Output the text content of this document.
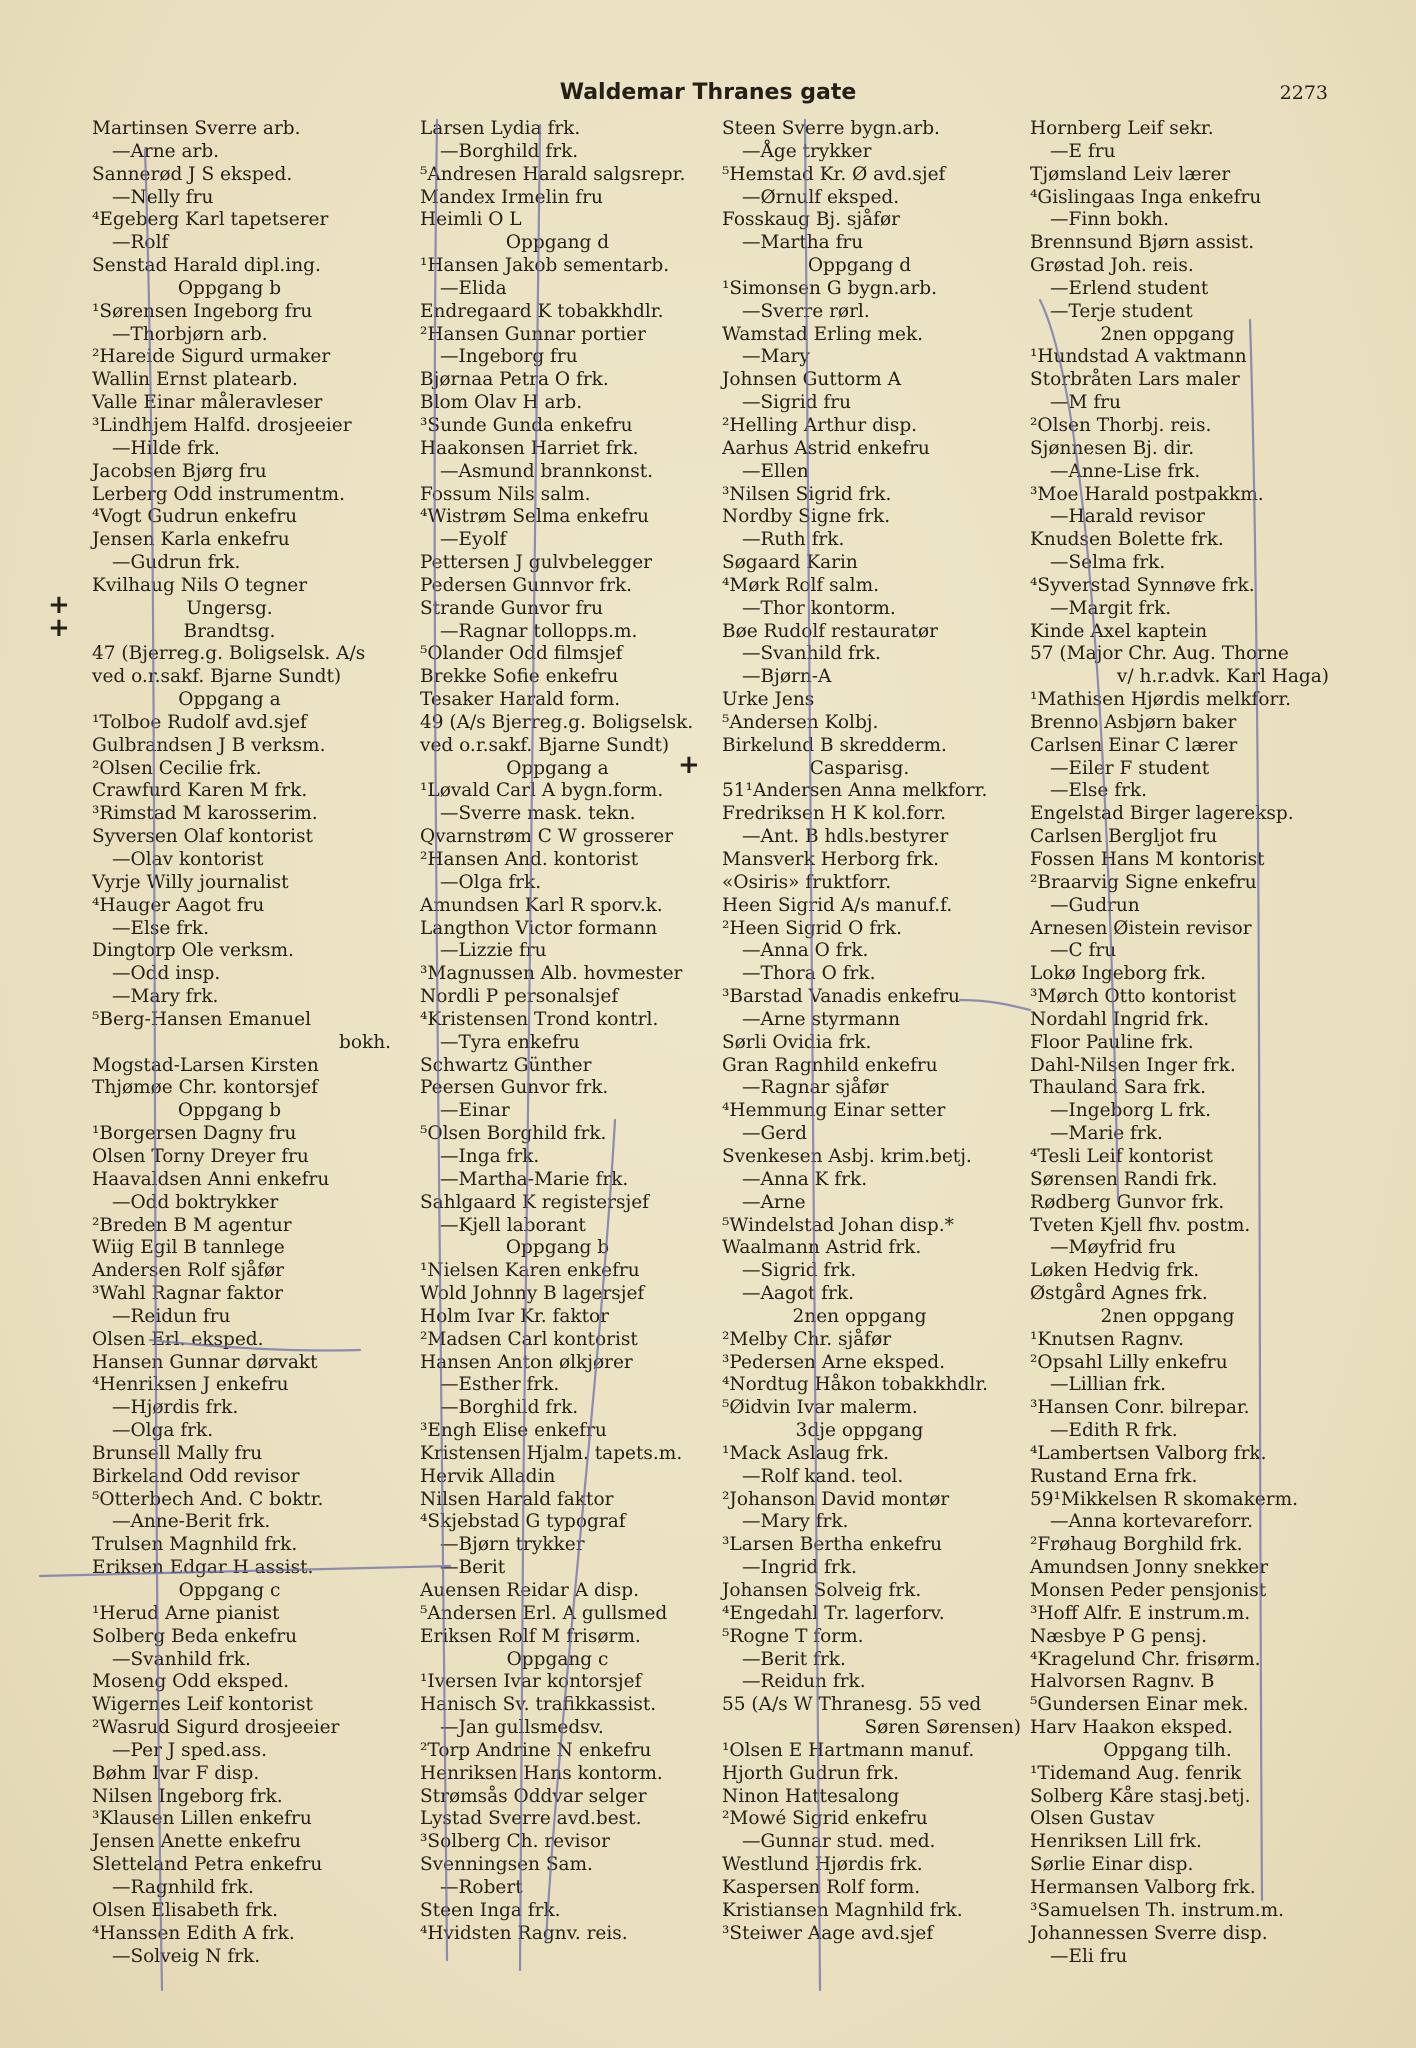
Waldemar Thranes gate	2273
Martinsen Sverre arb.
—Arne arb.
Sannerød J S eksped.
—Nelly fru
⁴Egeberg Karl tapetserer
—Rolf
Senstad Harald dipl.ing.
Oppgang b
¹Sørensen Ingeborg fru
—Thorbjørn arb.
²Hareide Sigurd urmaker
Wallin Ernst platearb.
Valle Einar måleravleser
³Lindhjem Halfd. drosjeeier
—Hilde frk.
Jacobsen Bjørg fru
Lerberg Odd instrumentm.
⁴Vogt Gudrun enkefru
Jensen Karla enkefru
—Gudrun frk.
Kvilhaug Nils O tegner
+ Ungersg.
+ Brandtsg.
47 (Bjerreg.g. Boligselsk. A/s
ved o.r.sakf. Bjarne Sundt)
Oppgang a
¹Tolboe Rudolf avd.sjef
Gulbrandsen J B verksm.
²Olsen Cecilie frk.
Crawfurd Karen M frk.
³Rimstad M karosserim.
Syversen Olaf kontorist
—Olav kontorist
Vyrje Willy journalist
⁴Hauger Aagot fru
—Else frk.
Dingtorp Ole verksm.
—Odd insp.
—Mary frk.
⁵Berg-Hansen Emanuel
bokh.
Mogstad-Larsen Kirsten
Thjømøe Chr. kontorsjef
Oppgang b
¹Borgersen Dagny fru
Olsen Torny Dreyer fru
Haavaldsen Anni enkefru
—Odd boktrykker
²Breden B M agentur
Wiig Egil B tannlege
Andersen Rolf sjåfør
³Wahl Ragnar faktor
—Reidun fru
Olsen Erl. eksped.
Hansen Gunnar dørvakt
⁴Henriksen J enkefru
—Hjørdis frk.
—Olga frk.
Brunsell Mally fru
Birkeland Odd revisor
⁵Otterbech And. C boktr.
—Anne-Berit frk.
Trulsen Magnhild frk.
Eriksen Edgar H assist.
Oppgang c
¹Herud Arne pianist
Solberg Beda enkefru
—Svanhild frk.
Moseng Odd eksped.
Wigernes Leif kontorist
²Wasrud Sigurd drosjeeier
—Per J sped.ass.
Bøhm Ivar F disp.
Nilsen Ingeborg frk.
³Klausen Lillen enkefru
Jensen Anette enkefru
Sletteland Petra enkefru
—Ragnhild frk.
Olsen Elisabeth frk.
⁴Hanssen Edith A frk.
—Solveig N frk.
Larsen Lydia frk.
—Borghild frk.
⁵Andresen Harald salgsrepr.
Mandex Irmelin fru
Heimli O L
Oppgang d
¹Hansen Jakob sementarb.
—Elida
Endregaard K tobakkhdlr.
²Hansen Gunnar portier
—Ingeborg fru
Bjørnaa Petra O frk.
Blom Olav H arb.
³Sunde Gunda enkefru
Haakonsen Harriet frk.
—Asmund brannkonst.
Fossum Nils salm.
⁴Wistrøm Selma enkefru
—Eyolf
Pettersen J gulvbelegger
Pedersen Gunnvor frk.
Strande Gunvor fru
—Ragnar tollopps.m.
⁵Olander Odd filmsjef
Brekke Sofie enkefru
Tesaker Harald form.
49 (A/s Bjerreg.g. Boligselsk.
ved o.r.sakf. Bjarne Sundt)
Oppgang a
¹Løvald Carl A bygn.form.
—Sverre mask. tekn.
Qvarnstrøm C W grosserer
²Hansen And. kontorist
—Olga frk.
Amundsen Karl R sporv.k.
Langthon Victor formann
—Lizzie fru
³Magnussen Alb. hovmester
Nordli P personalsjef
⁴Kristensen Trond kontrl.
—Tyra enkefru
Schwartz Günther
Peersen Gunvor frk.
—Einar
⁵Olsen Borghild frk.
—Inga frk.
—Martha-Marie frk.
Sahlgaard K registersjef
—Kjell laborant
Oppgang b
¹Nielsen Karen enkefru
Wold Johnny B lagersjef
Holm Ivar Kr. faktor
²Madsen Carl kontorist
Hansen Anton ølkjører
—Esther frk.
—Borghild frk.
³Engh Elise enkefru
Kristensen Hjalm. tapets.m.
Hervik Alladin
Nilsen Harald faktor
⁴Skjebstad G typograf
—Bjørn trykker
—Berit
Auensen Reidar A disp.
⁵Andersen Erl. A gullsmed
Eriksen Rolf M frisørm.
Oppgang c
¹Iversen Ivar kontorsjef
Hanisch Sv. trafikkassist.
—Jan gullsmedsv.
²Torp Andrine N enkefru
Henriksen Hans kontorm.
Strømsås Oddvar selger
Lystad Sverre avd.best.
³Solberg Ch. revisor
Svenningsen Sam.
—Robert
Steen Inga frk.
⁴Hvidsten Ragnv. reis.
Steen Sverre bygn.arb.
—Åge trykker
⁵Hemstad Kr. Ø avd.sjef
—Ørnulf eksped.
Fosskaug Bj. sjåfør
—Martha fru
Oppgang d
¹Simonsen G bygn.arb.
—Sverre rørl.
Wamstad Erling mek.
—Mary
Johnsen Guttorm A
—Sigrid fru
²Helling Arthur disp.
Aarhus Astrid enkefru
—Ellen
³Nilsen Sigrid frk.
Nordby Signe frk.
—Ruth frk.
Søgaard Karin
⁴Mørk Rolf salm.
—Thor kontorm.
Bøe Rudolf restauratør
—Svanhild frk.
—Bjørn-A
Urke Jens
⁵Andersen Kolbj.
Birkelund B skredderm.
+ Casparisg.
51¹Andersen Anna melkforr.
Fredriksen H K kol.forr.
—Ant. B hdls.bestyrer
Mansverk Herborg frk.
«Osiris» fruktforr.
Heen Sigrid A/s manuf.f.
²Heen Sigrid O frk.
—Anna O frk.
—Thora O frk.
³Barstad Vanadis enkefru
—Arne styrmann
Sørli Ovidia frk.
Gran Ragnhild enkefru
—Ragnar sjåfør
⁴Hemmung Einar setter
—Gerd
Svenkesen Asbj. krim.betj.
—Anna K frk.
—Arne
⁵Windelstad Johan disp.*
Waalmann Astrid frk.
—Sigrid frk.
—Aagot frk.
2nen oppgang
²Melby Chr. sjåfør
³Pedersen Arne eksped.
⁴Nordtug Håkon tobakkhdlr.
⁵Øidvin Ivar malerm.
3dje oppgang
¹Mack Aslaug frk.
—Rolf kand. teol.
²Johanson David montør
—Mary frk.
³Larsen Bertha enkefru
—Ingrid frk.
Johansen Solveig frk.
⁴Engedahl Tr. lagerforv.
⁵Rogne T form.
—Berit frk.
—Reidun frk.
55 (A/s W Thranesg. 55 ved
Søren Sørensen)
¹Olsen E Hartmann manuf.
Hjorth Gudrun frk.
Ninon Hattesalong
²Mowé Sigrid enkefru
—Gunnar stud. med.
Westlund Hjørdis frk.
Kaspersen Rolf form.
Kristiansen Magnhild frk.
³Steiwer Aage avd.sjef
Hornberg Leif sekr.
—E fru
Tjømsland Leiv lærer
⁴Gislingaas Inga enkefru
—Finn bokh.
Brennsund Bjørn assist.
Grøstad Joh. reis.
—Erlend student
—Terje student
2nen oppgang
¹Hundstad A vaktmann
Storbråten Lars maler
—M fru
²Olsen Thorbj. reis.
Sjønnesen Bj. dir.
—Anne-Lise frk.
³Moe Harald postpakkm.
—Harald revisor
Knudsen Bolette frk.
—Selma frk.
⁴Syverstad Synnøve frk.
—Margit frk.
Kinde Axel kaptein
57 (Major Chr. Aug. Thorne
v/ h.r.advk. Karl Haga)
¹Mathisen Hjørdis melkforr.
Brenno Asbjørn baker
Carlsen Einar C lærer
—Eiler F student
—Else frk.
Engelstad Birger lagereksp.
Carlsen Bergljot fru
Fossen Hans M kontorist
²Braarvig Signe enkefru
—Gudrun
Arnesen Øistein revisor
—C fru
Lokø Ingeborg frk.
³Mørch Otto kontorist
Nordahl Ingrid frk.
Floor Pauline frk.
Dahl-Nilsen Inger frk.
Thauland Sara frk.
—Ingeborg L frk.
—Marie frk.
⁴Tesli Leif kontorist
Sørensen Randi frk.
Rødberg Gunvor frk.
Tveten Kjell fhv. postm.
—Møyfrid fru
Løken Hedvig frk.
Østgård Agnes frk.
2nen oppgang
¹Knutsen Ragnv.
²Opsahl Lilly enkefru
—Lillian frk.
³Hansen Conr. bilrepar.
—Edith R frk.
⁴Lambertsen Valborg frk.
Rustand Erna frk.
59¹Mikkelsen R skomakerm.
—Anna kortevareforr.
²Frøhaug Borghild frk.
Amundsen Jonny snekker
Monsen Peder pensjonist
³Hoff Alfr. E instrum.m.
Næsbye P G pensj.
⁴Kragelund Chr. frisørm.
Halvorsen Ragnv. B
⁵Gundersen Einar mek.
Harv Haakon eksped.
Oppgang tilh.
¹Tidemand Aug. fenrik
Solberg Kåre stasj.betj.
Olsen Gustav
Henriksen Lill frk.
Sørlie Einar disp.
Hermansen Valborg frk.
³Samuelsen Th. instrum.m.
Johannessen Sverre disp.
—Eli fru
